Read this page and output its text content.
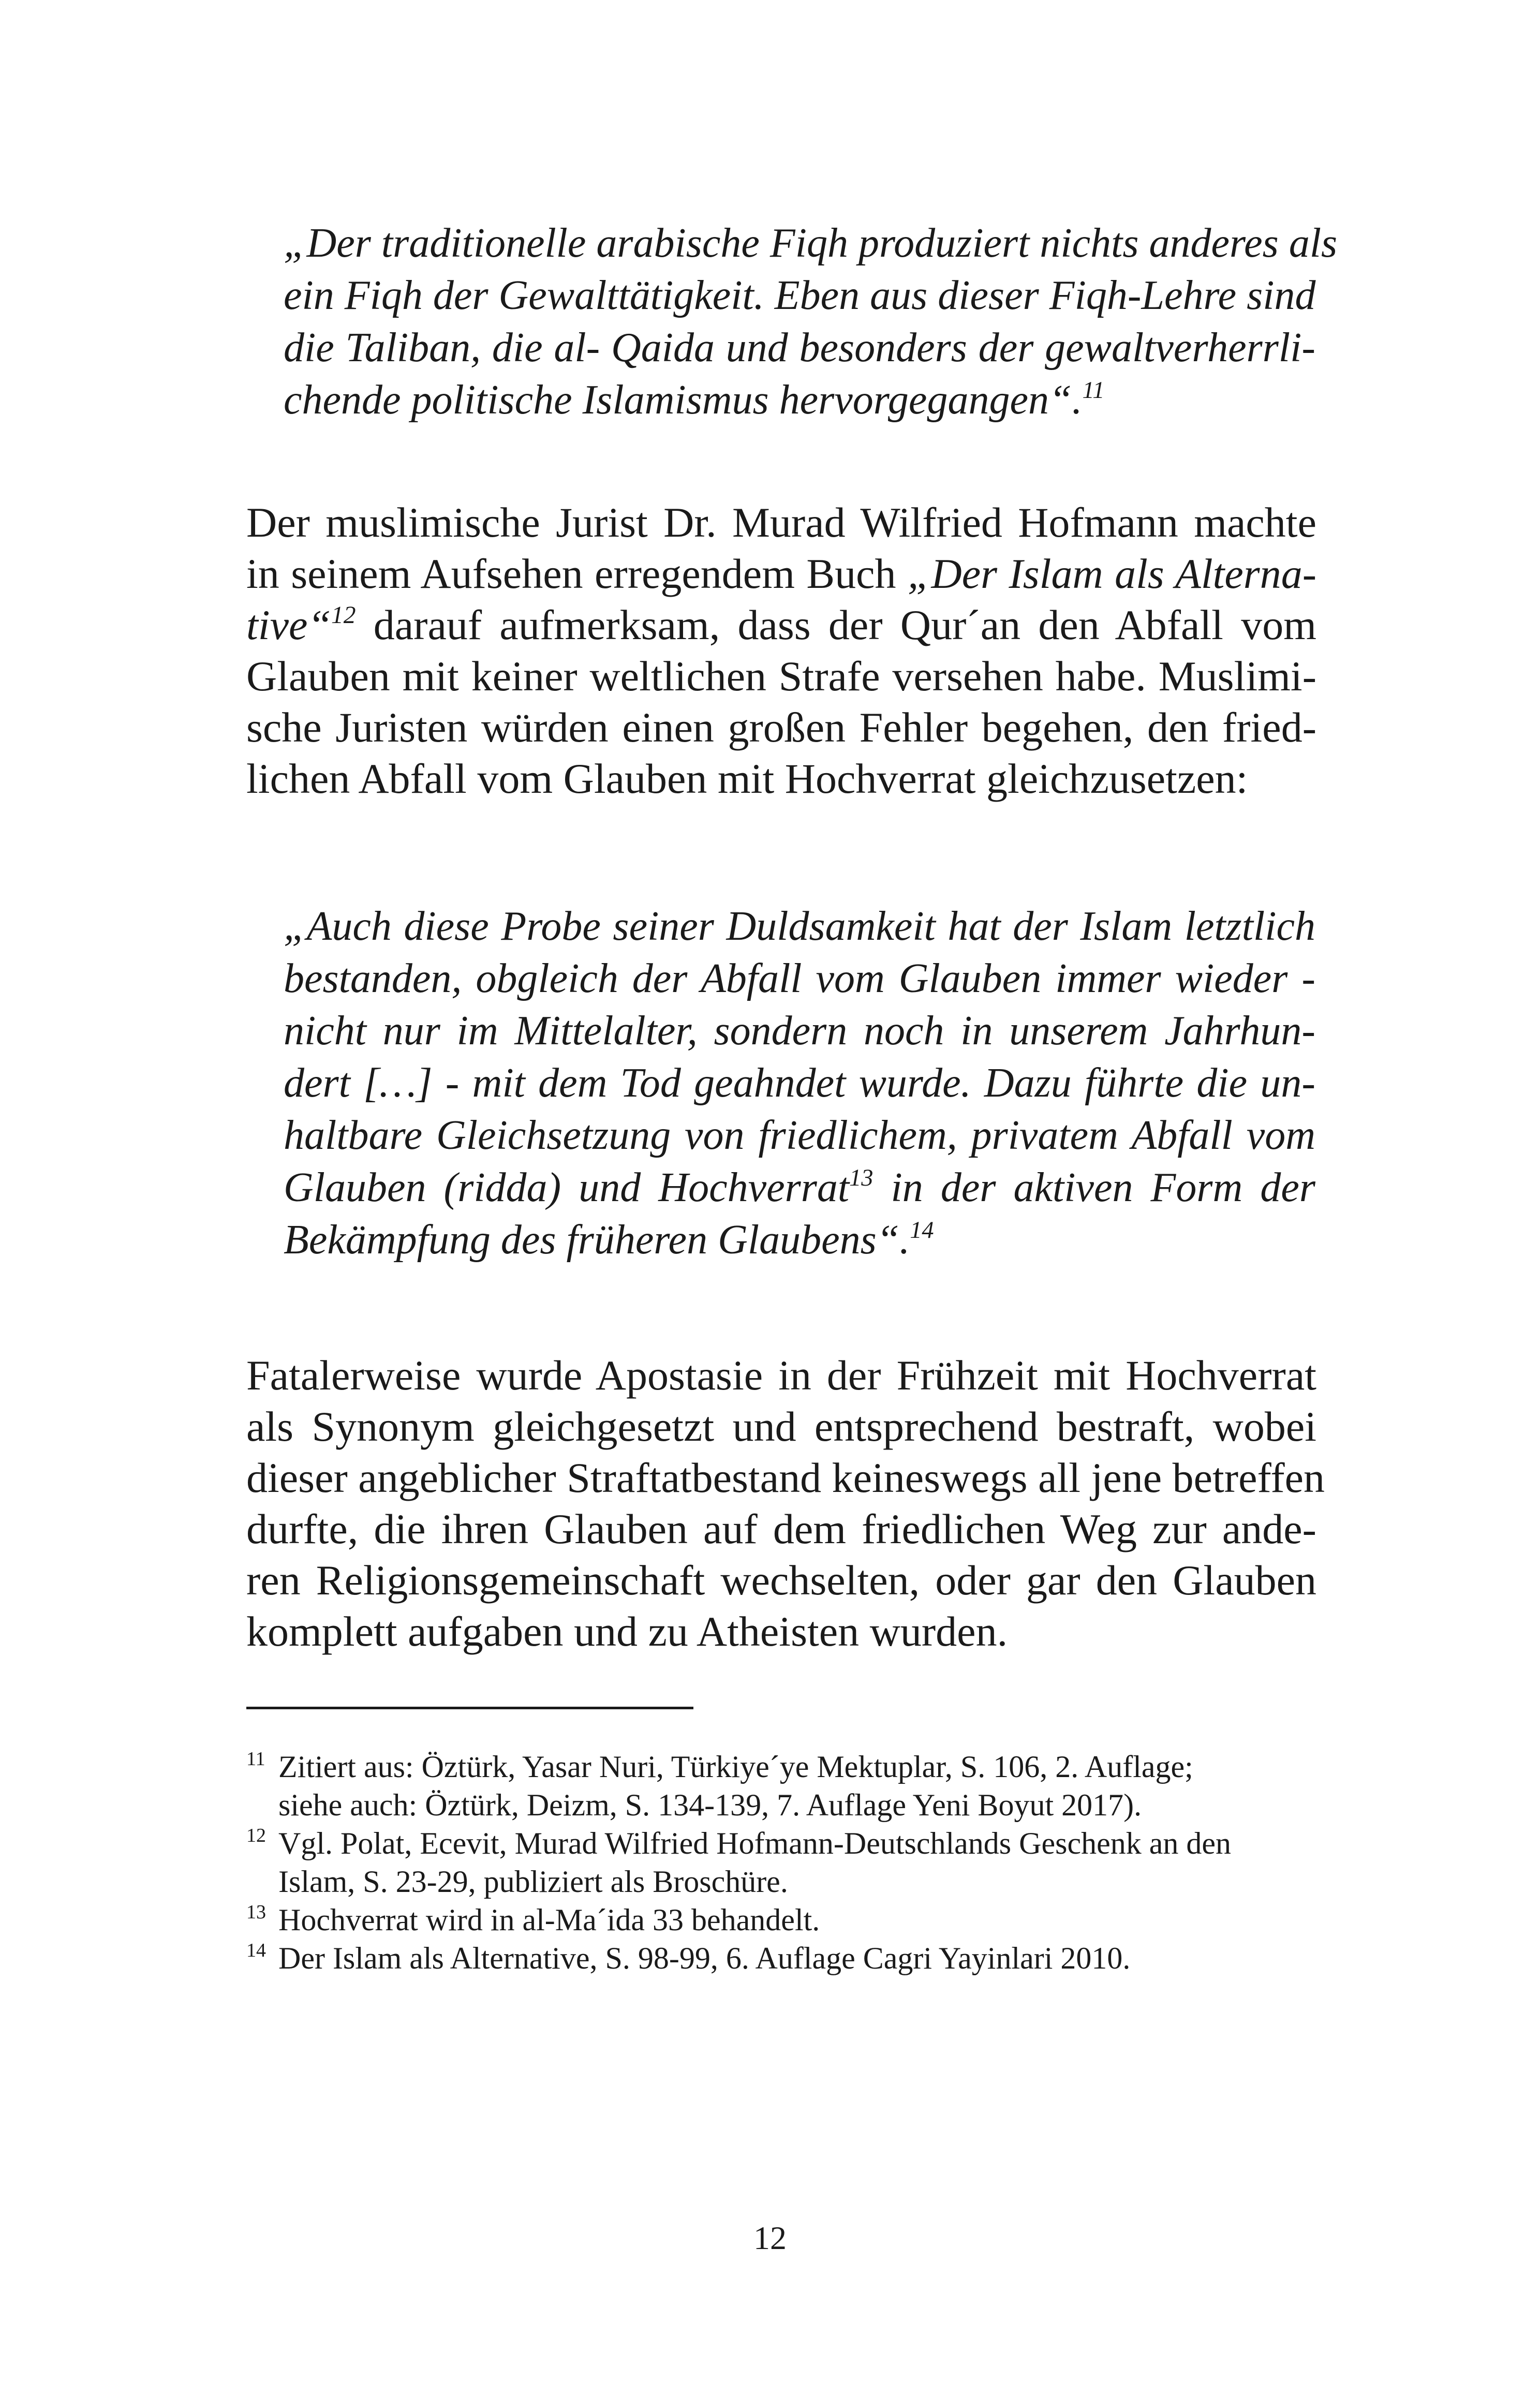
„Der traditionelle arabische Fiqh produziert nichts anderes als
ein Fiqh der Gewalttätigkeit. Eben aus dieser Fiqh-Lehre sind
die Taliban, die al- Qaida und besonders der gewaltverherrli-
chende politische Islamismus hervorgegangen“.$^{11}$
Der muslimische Jurist Dr. Murad Wilfried Hofmann machte
in seinem Aufsehen erregendem Buch „Der Islam als Alterna-
tive“$^{12}$ darauf aufmerksam, dass der Qur´an den Abfall vom
Glauben mit keiner weltlichen Strafe versehen habe. Muslimi-
sche Juristen würden einen großen Fehler begehen, den fried-
lichen Abfall vom Glauben mit Hochverrat gleichzusetzen:
„Auch diese Probe seiner Duldsamkeit hat der Islam letztlich
bestanden, obgleich der Abfall vom Glauben immer wieder -
nicht nur im Mittelalter, sondern noch in unserem Jahrhun-
dert […] - mit dem Tod geahndet wurde. Dazu führte die un-
haltbare Gleichsetzung von friedlichem, privatem Abfall vom
Glauben (ridda) und Hochverrat$^{13}$ in der aktiven Form der
Bekämpfung des früheren Glaubens“.$^{14}$
Fatalerweise wurde Apostasie in der Frühzeit mit Hochverrat
als Synonym gleichgesetzt und entsprechend bestraft, wobei
dieser angeblicher Straftatbestand keineswegs all jene betreffen
durfte, die ihren Glauben auf dem friedlichen Weg zur ande-
ren Religionsgemeinschaft wechselten, oder gar den Glauben
komplett aufgaben und zu Atheisten wurden.
11 Zitiert aus: Öztürk, Yasar Nuri, Türkiye´ye Mektuplar, S. 106, 2. Auflage;
siehe auch: Öztürk, Deizm, S. 134-139, 7. Auflage Yeni Boyut 2017).
12 Vgl. Polat, Ecevit, Murad Wilfried Hofmann-Deutschlands Geschenk an den
Islam, S. 23-29, publiziert als Broschüre.
13 Hochverrat wird in al-Ma´ida 33 behandelt.
14 Der Islam als Alternative, S. 98-99, 6. Auflage Cagri Yayinlari 2010.
12
